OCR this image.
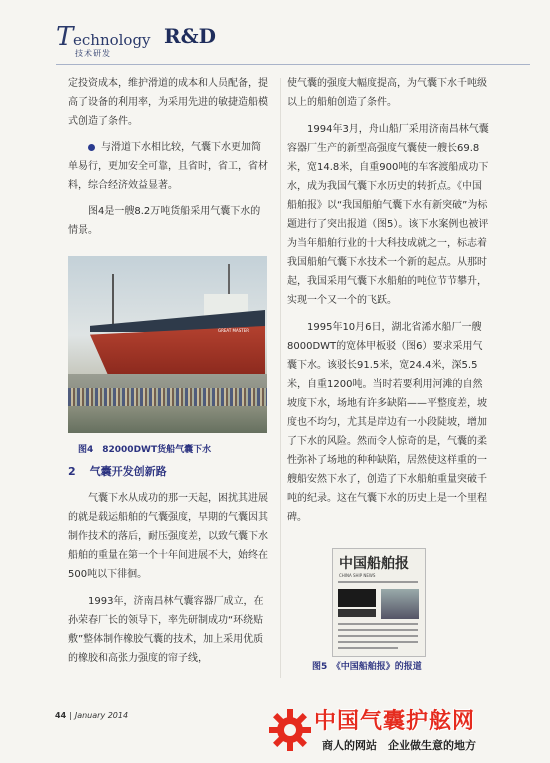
T echnology R&D
技术研发

定投资成本，维护滑道的成本和人员配备，提高了设备的利用率，为采用先进的敏捷造船模式创造了条件。

与滑道下水相比较，气囊下水更加简单易行，更加安全可靠，且省时，省工，省材料，综合经济效益显著。

图4是一艘8.2万吨货船采用气囊下水的情景。

GREAT MASTER
图4　82000DWT货船气囊下水
2 气囊开发创新路

气囊下水从成功的那一天起，困扰其进展的就是载运船舶的气囊强度，早期的气囊因其制作技术的落后，耐压强度差，以致气囊下水船舶的重量在第一个十年间进展不大，始终在500吨以下徘徊。

1993年，济南昌林气囊容器厂成立，在孙荣春厂长的领导下，率先研制成功“环绕贴敷”整体制作橡胶气囊的技术，加上采用优质的橡胶和高张力强度的帘子线，

使气囊的强度大幅度提高，为气囊下水千吨级以上的船舶创造了条件。

1994年3月，舟山船厂采用济南昌林气囊容器厂生产的新型高强度气囊使一艘长69.8米，宽14.8米，自重900吨的车客渡船成功下水，成为我国气囊下水历史的转折点。《中国船舶报》以“我国船舶气囊下水有新突破”为标题进行了突出报道（图5）。该下水案例也被评为当年船舶行业的十大科技成就之一，标志着我国船舶气囊下水技术一个新的起点。从那时起，我国采用气囊下水船舶的吨位节节攀升，实现一个又一个的飞跃。

1995年10月6日，湖北省浠水船厂一艘8000DWT的宽体甲板驳（图6）要求采用气囊下水。该驳长91.5米，宽24.4米，深5.5米，自重1200吨。当时若要利用河滩的自然坡度下水，场地有许多缺陷——平整度差，坡度也不均匀，尤其是岸边有一小段陡坡，增加了下水的风险。然而令人惊奇的是，气囊的柔性弥补了场地的种种缺陷，居然使这样重的一艘船安然下水了，创造了下水船舶重量突破千吨的纪录。这在气囊下水的历史上是一个里程碑。

中国船舶报
CHINA SHIP NEWS
图5　《中国船舶报》的报道
44 | January 2014	中国气囊护舷网
商人的网站　企业做生意的地方
